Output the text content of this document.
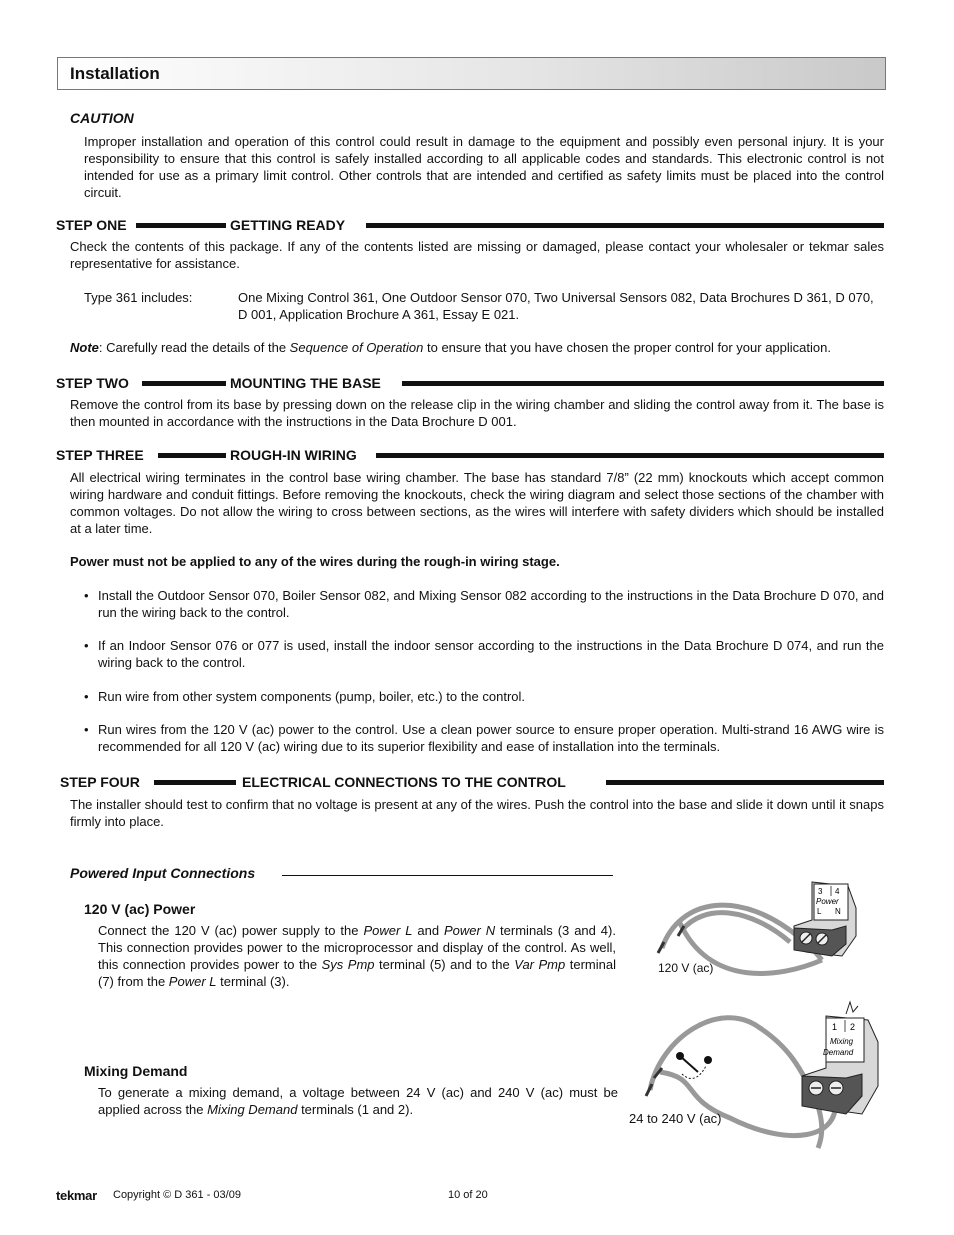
Installation
CAUTION
Improper installation and operation of this control could result in damage to the equipment and possibly even personal injury. It is your responsibility to ensure that this control is safely installed according to all applicable codes and standards. This electronic control is not intended for use as a primary limit control. Other controls that are intended and certified as safety limits must be placed into the control circuit.
STEP ONE	GETTING READY
Check the contents of this package. If any of the contents listed are missing or damaged, please contact your wholesaler or tekmar sales representative for assistance.
Type 361 includes:	One Mixing Control 361, One Outdoor Sensor 070, Two Universal Sensors 082, Data Brochures D 361, D 070, D 001, Application Brochure A 361, Essay E 021.
Note: Carefully read the details of the Sequence of Operation to ensure that you have chosen the proper control for your application.
STEP TWO	MOUNTING THE BASE
Remove the control from its base by pressing down on the release clip in the wiring chamber and sliding the control away from it. The base is then mounted in accordance with the instructions in the Data Brochure D 001.
STEP THREE	ROUGH-IN WIRING
All electrical wiring terminates in the control base wiring chamber. The base has standard 7/8” (22 mm) knockouts which accept common wiring hardware and conduit fittings. Before removing the knockouts, check the wiring diagram and select those sections of the chamber with common voltages. Do not allow the wiring to cross between sections, as the wires will interfere with safety dividers which should be installed at a later time.
Power must not be applied to any of the wires during the rough-in wiring stage.
• Install the Outdoor Sensor 070, Boiler Sensor 082, and Mixing Sensor 082 according to the instructions in the Data Brochure D 070, and run the wiring back to the control.
• If an Indoor Sensor 076 or 077 is used, install the indoor sensor according to the instructions in the Data Brochure D 074, and run the wiring back to the control.
• Run wire from other system components (pump, boiler, etc.) to the control.
• Run wires from the 120 V (ac) power to the control. Use a clean power source to ensure proper operation. Multi-strand 16 AWG wire is recommended for all 120 V (ac) wiring due to its superior flexibility and ease of installation into the terminals.
STEP FOUR	ELECTRICAL CONNECTIONS TO THE CONTROL
The installer should test to confirm that no voltage is present at any of the wires. Push the control into the base and slide it down until it snaps firmly into place.
Powered Input Connections
120 V (ac) Power
Connect the 120 V (ac) power supply to the Power L and Power N terminals (3 and 4). This connection provides power to the microprocessor and display of the control. As well, this connection provides power to the Sys Pmp terminal (5) and to the Var Pmp terminal (7) from the Power L terminal (3).
Mixing Demand
To generate a mixing demand, a voltage between 24 V (ac) and 240 V (ac) must be applied across the Mixing Demand terminals (1 and 2).
3 4
Power
L N
120 V (ac)
1 2
Mixing
Demand
24 to 240 V (ac)
tekmar Copyright © D 361 - 03/09	10 of 20
